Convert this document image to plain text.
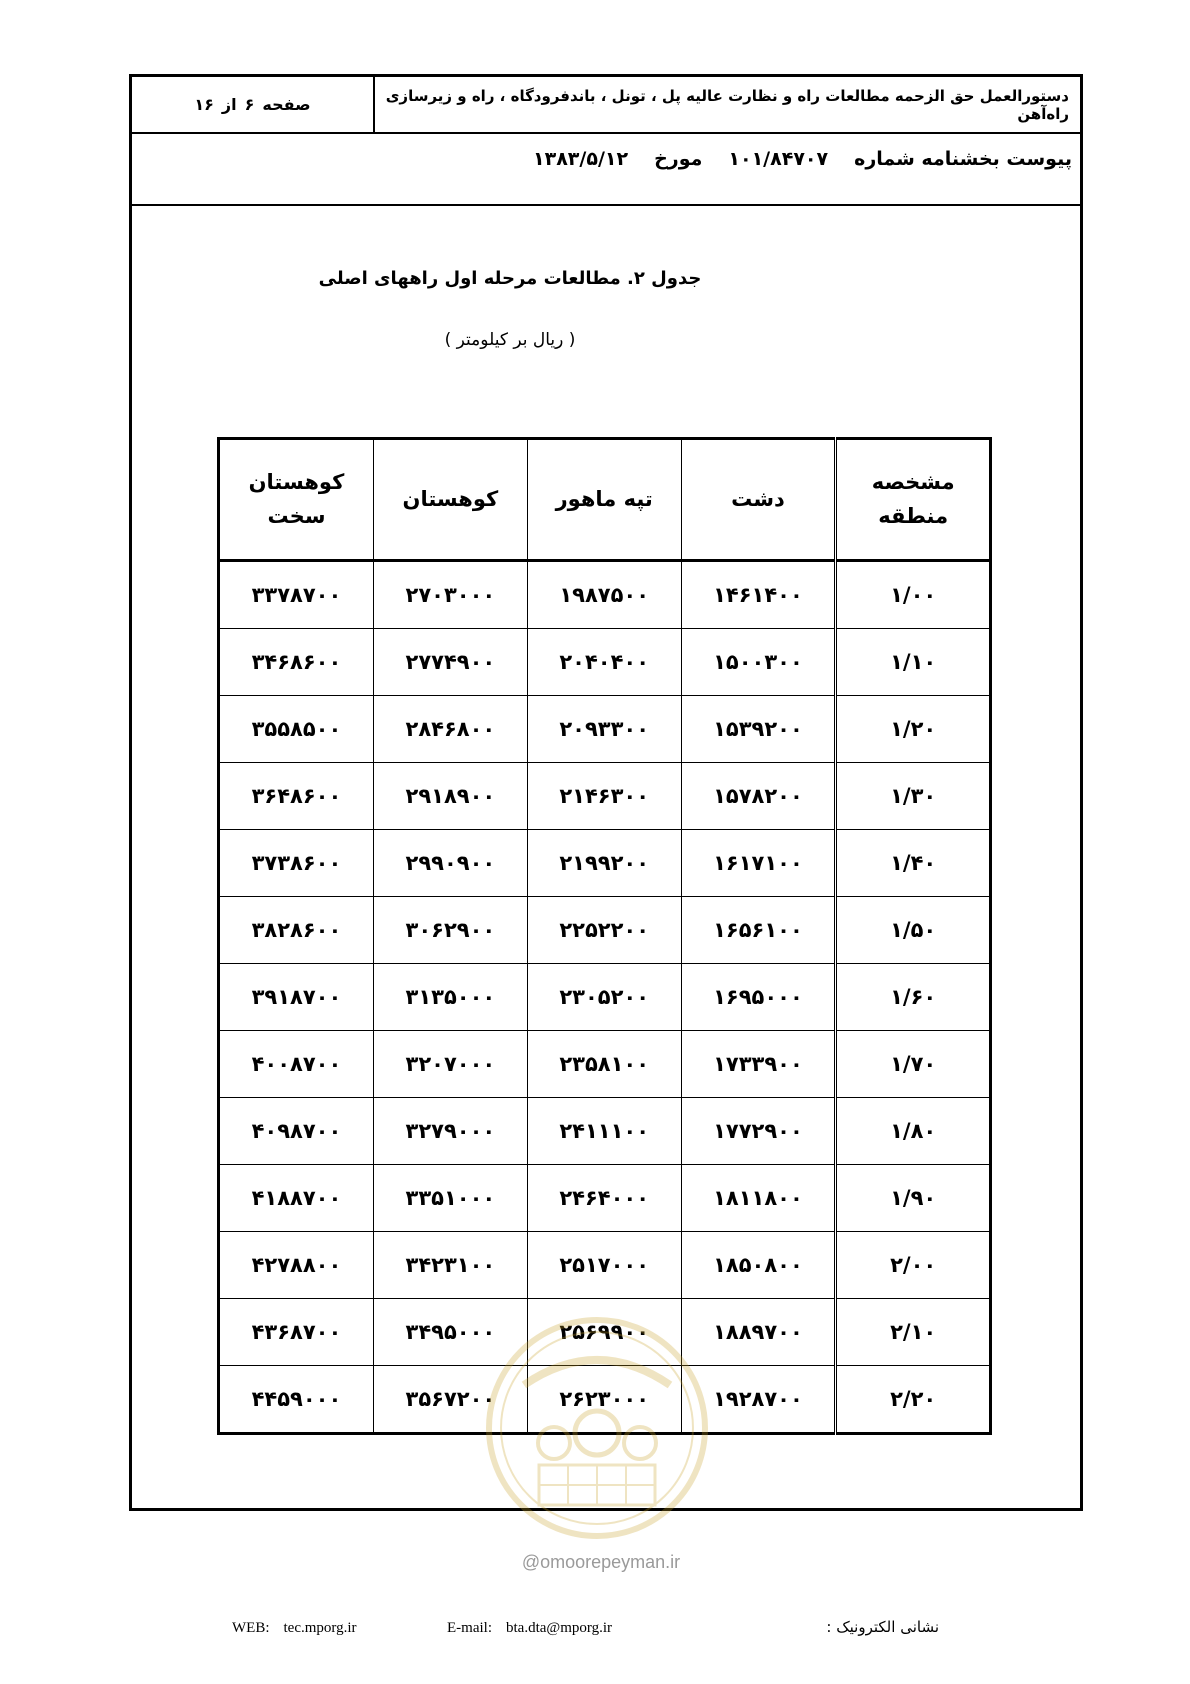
دستورالعمل حق الزحمه مطالعات راه و نظارت عالیه پل ، تونل ، باندفرودگاه ، راه و زیرسازی راه‌آهن
صفحه
۶
از
۱۶
پیوست بخشنامه شماره
۱۰۱/۸۴۷۰۷
مورخ
۱۳۸۳/۵/۱۲
جدول ۲. مطالعات مرحله اول راههای اصلی
( ریال بر کیلومتر )
مشخصه منطقه	دشت	تپه ماهور	کوهستان	کوهستان سخت
۱/۰۰	۱۴۶۱۴۰۰	۱۹۸۷۵۰۰	۲۷۰۳۰۰۰	۳۳۷۸۷۰۰
۱/۱۰	۱۵۰۰۳۰۰	۲۰۴۰۴۰۰	۲۷۷۴۹۰۰	۳۴۶۸۶۰۰
۱/۲۰	۱۵۳۹۲۰۰	۲۰۹۳۳۰۰	۲۸۴۶۸۰۰	۳۵۵۸۵۰۰
۱/۳۰	۱۵۷۸۲۰۰	۲۱۴۶۳۰۰	۲۹۱۸۹۰۰	۳۶۴۸۶۰۰
۱/۴۰	۱۶۱۷۱۰۰	۲۱۹۹۲۰۰	۲۹۹۰۹۰۰	۳۷۳۸۶۰۰
۱/۵۰	۱۶۵۶۱۰۰	۲۲۵۲۲۰۰	۳۰۶۲۹۰۰	۳۸۲۸۶۰۰
۱/۶۰	۱۶۹۵۰۰۰	۲۳۰۵۲۰۰	۳۱۳۵۰۰۰	۳۹۱۸۷۰۰
۱/۷۰	۱۷۳۳۹۰۰	۲۳۵۸۱۰۰	۳۲۰۷۰۰۰	۴۰۰۸۷۰۰
۱/۸۰	۱۷۷۲۹۰۰	۲۴۱۱۱۰۰	۳۲۷۹۰۰۰	۴۰۹۸۷۰۰
۱/۹۰	۱۸۱۱۸۰۰	۲۴۶۴۰۰۰	۳۳۵۱۰۰۰	۴۱۸۸۷۰۰
۲/۰۰	۱۸۵۰۸۰۰	۲۵۱۷۰۰۰	۳۴۲۳۱۰۰	۴۲۷۸۸۰۰
۲/۱۰	۱۸۸۹۷۰۰	۲۵۶۹۹۰۰	۳۴۹۵۰۰۰	۴۳۶۸۷۰۰
۲/۲۰	۱۹۲۸۷۰۰	۲۶۲۳۰۰۰	۳۵۶۷۲۰۰	۴۴۵۹۰۰۰
@omoorepeyman.ir
WEB: tec.mporg.ir	E-mail: bta.dta@mporg.ir	نشانی الکترونیک :
